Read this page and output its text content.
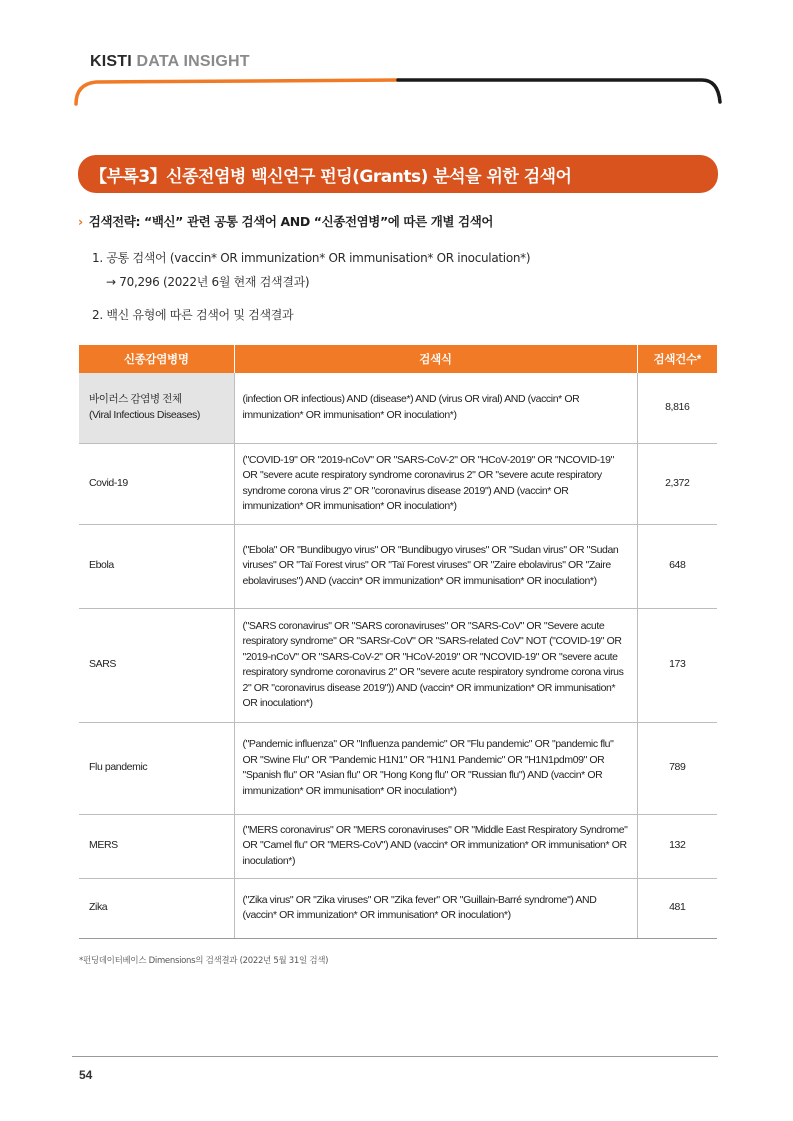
KISTI DATA INSIGHT
【부록3】신종전염병 백신연구 펀딩(Grants) 분석을 위한 검색어
› 검색전략: “백신” 관련 공통 검색어 AND “신종전염병”에 따른 개별 검색어
1. 공통 검색어 (vaccin* OR immunization* OR immunisation* OR inoculation*)
→ 70,296 (2022년 6월 현재 검색결과)
2. 백신 유형에 따른 검색어 및 검색결과
신종감염병명	검색식	검색건수*

바이러스 감염병 전체
(Viral Infectious Diseases)	(infection OR infectious) AND (disease*) AND (virus OR viral) AND (vaccin* OR immunization* OR immunisation* OR inoculation*)	8,816
Covid-19	("COVID-19" OR "2019-nCoV" OR "SARS-CoV-2" OR "HCoV-2019" OR "NCOVID-19" OR "severe acute respiratory syndrome coronavirus 2" OR "severe acute respiratory syndrome corona virus 2" OR "coronavirus disease 2019") AND (vaccin* OR immunization* OR immunisation* OR inoculation*)	2,372
Ebola	("Ebola" OR "Bundibugyo virus" OR "Bundibugyo viruses" OR "Sudan virus" OR "Sudan viruses" OR "Taï Forest virus" OR "Taï Forest viruses" OR "Zaire ebolavirus" OR "Zaire ebolaviruses") AND (vaccin* OR immunization* OR immunisation* OR inoculation*)	648
SARS	("SARS coronavirus" OR "SARS coronaviruses" OR "SARS-CoV" OR "Severe acute respiratory syndrome" OR "SARSr-CoV" OR "SARS-related CoV" NOT ("COVID-19" OR "2019-nCoV" OR "SARS-CoV-2" OR "HCoV-2019" OR "NCOVID-19" OR "severe acute respiratory syndrome coronavirus 2" OR "severe acute respiratory syndrome corona virus 2" OR "coronavirus disease 2019")) AND (vaccin* OR immunization* OR immunisation* OR inoculation*)	173
Flu pandemic	("Pandemic influenza" OR "Influenza pandemic" OR "Flu pandemic" OR "pandemic flu" OR "Swine Flu" OR "Pandemic H1N1" OR "H1N1 Pandemic" OR "H1N1pdm09" OR "Spanish flu" OR "Asian flu" OR "Hong Kong flu" OR "Russian flu") AND (vaccin* OR immunization* OR immunisation* OR inoculation*)	789
MERS	("MERS coronavirus" OR "MERS coronaviruses" OR "Middle East Respiratory Syndrome" OR "Camel flu" OR "MERS-CoV") AND (vaccin* OR immunization* OR immunisation* OR inoculation*)	132
Zika	("Zika virus" OR "Zika viruses" OR "Zika fever" OR "Guillain-Barré syndrome") AND (vaccin* OR immunization* OR immunisation* OR inoculation*)	481
*펀딩데이터베이스 Dimensions의 검색결과 (2022년 5월 31일 검색)
54
